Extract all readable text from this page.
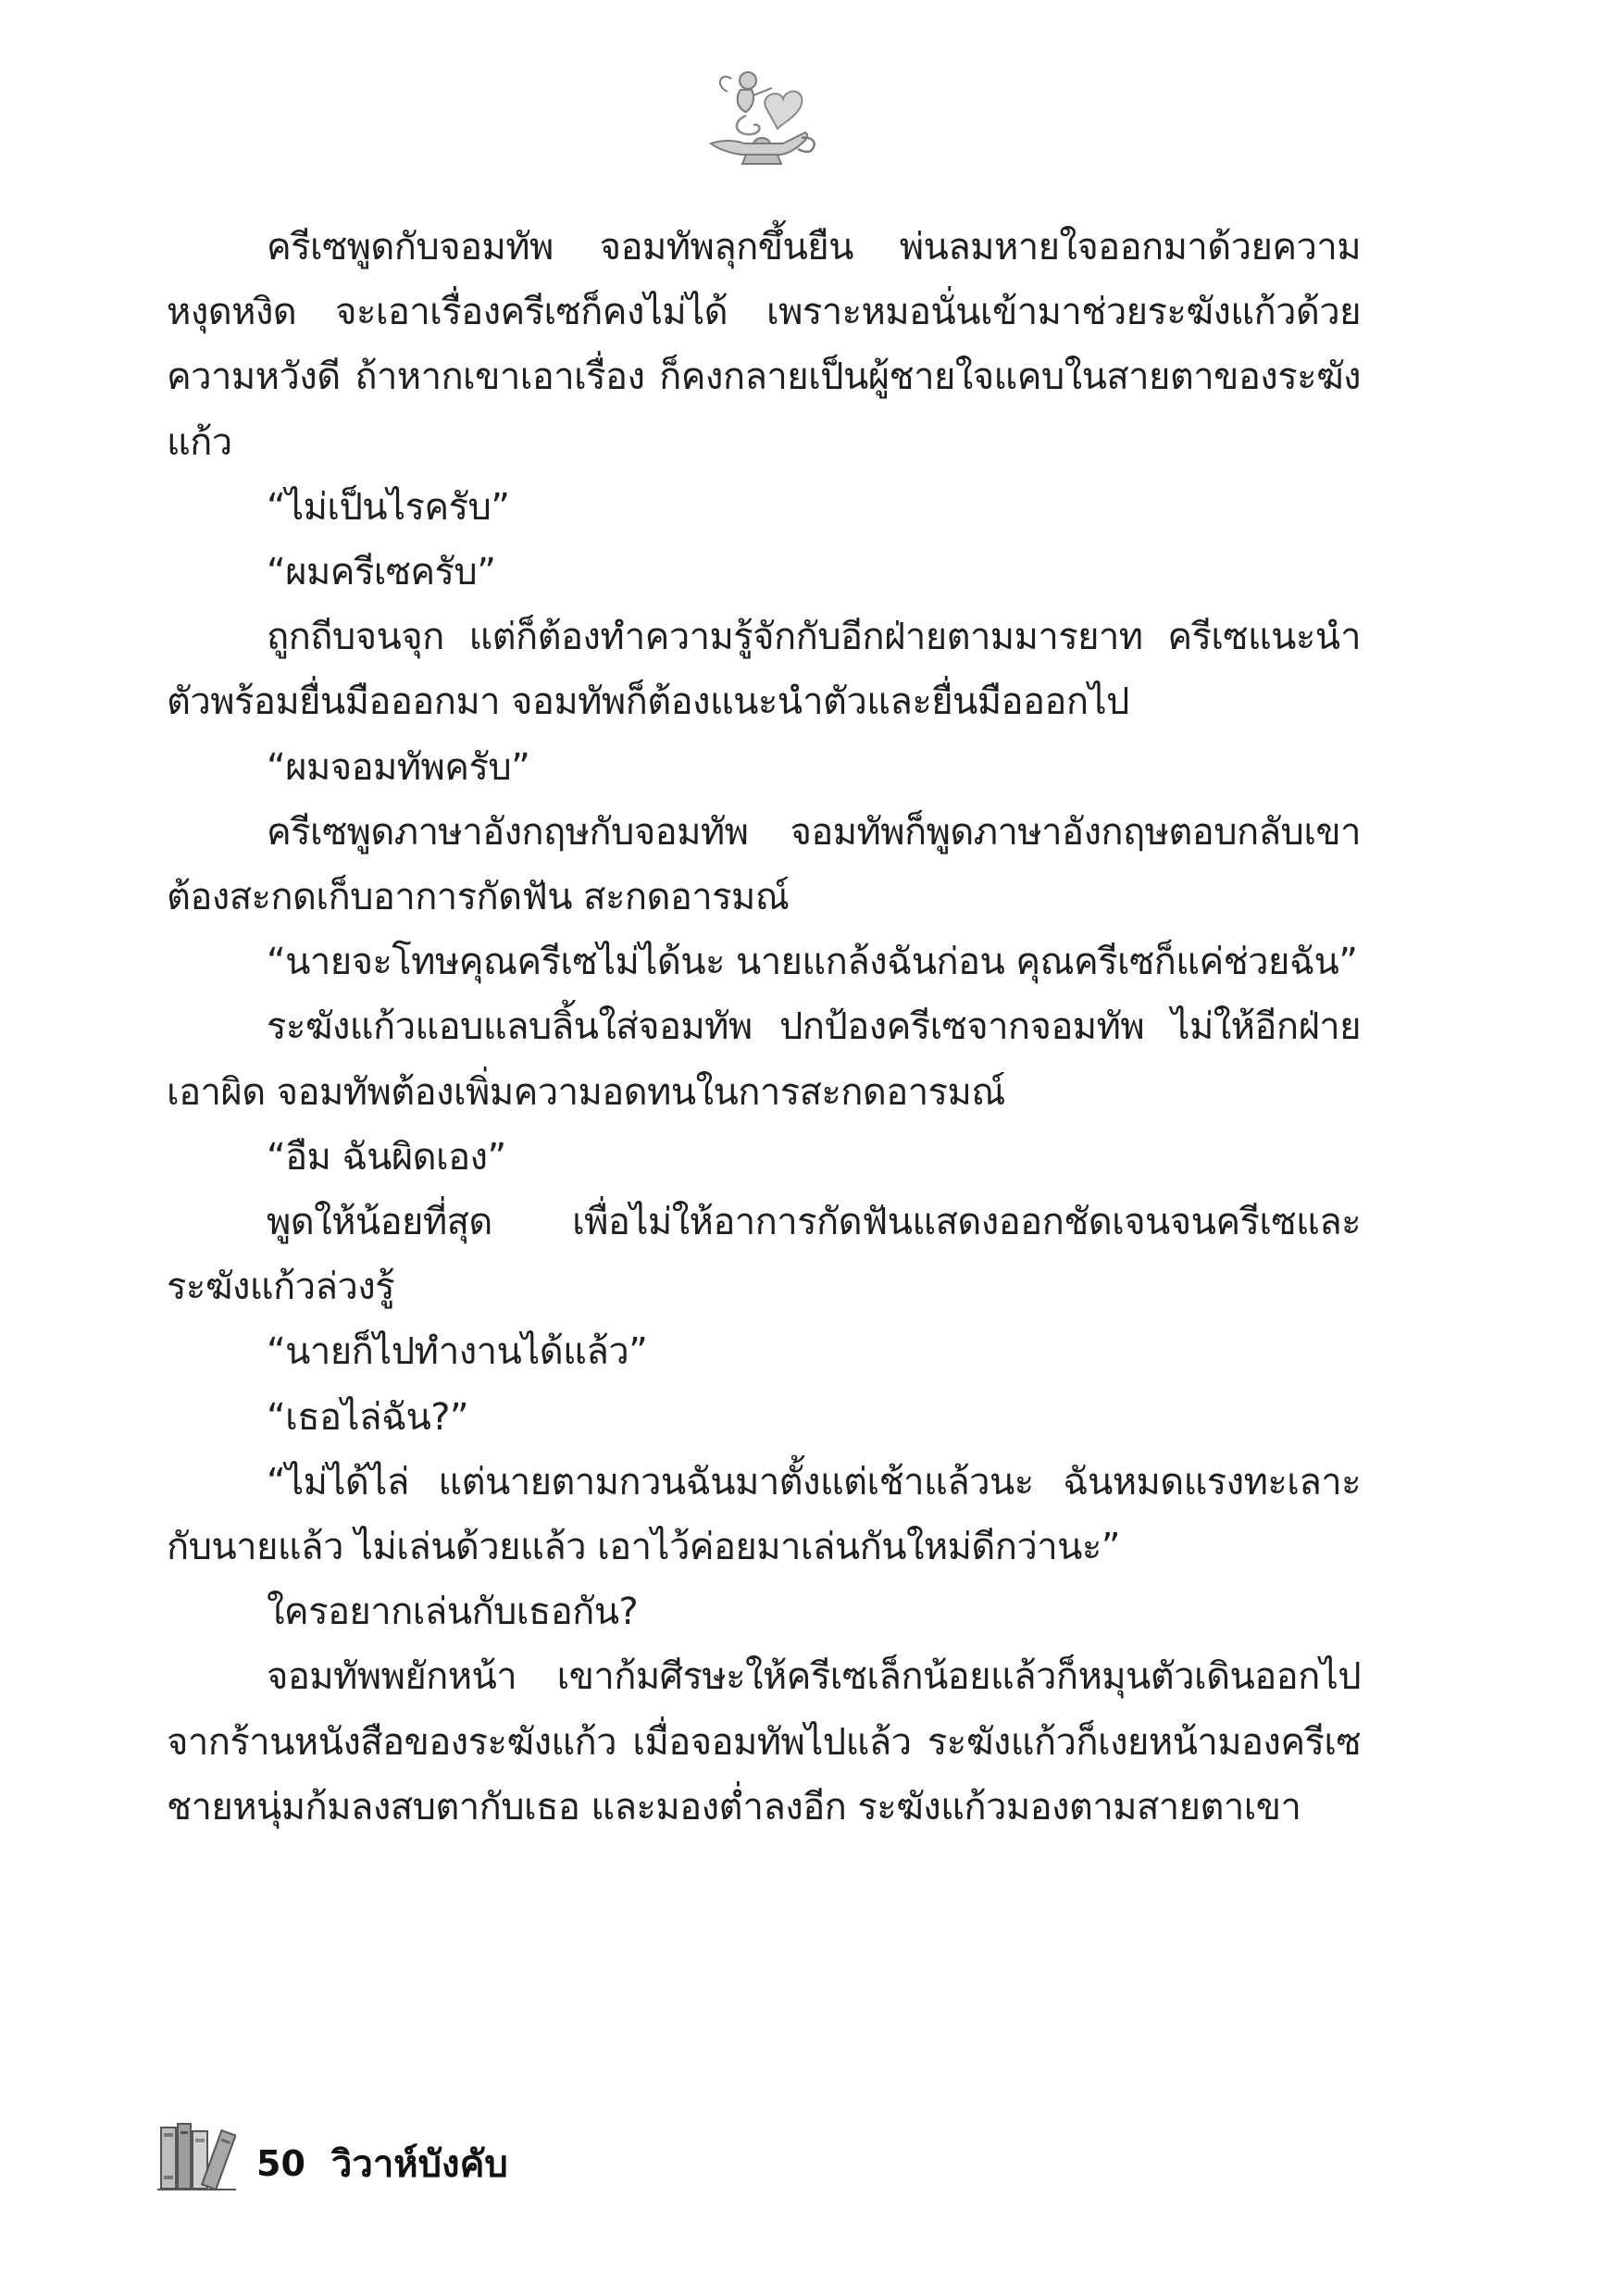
ครีเซพูดกับจอมทัพ จอมทัพลุกขึ้นยืน พ่นลมหายใจออกมาด้วยความหงุดหงิด จะเอาเรื่องครีเซก็คงไม่ได้ เพราะหมอนั่นเข้ามาช่วยระฆังแก้วด้วยความหวังดี ถ้าหากเขาเอาเรื่อง ก็คงกลายเป็นผู้ชายใจแคบในสายตาของระฆังแก้ว

“ไม่เป็นไรครับ”

“ผมครีเซครับ”

ถูกถีบจนจุก แต่ก็ต้องทำความรู้จักกับอีกฝ่ายตามมารยาท ครีเซแนะนำตัวพร้อมยื่นมือออกมา จอมทัพก็ต้องแนะนำตัวและยื่นมือออกไป

“ผมจอมทัพครับ”

ครีเซพูดภาษาอังกฤษกับจอมทัพ จอมทัพก็พูดภาษาอังกฤษตอบกลับเขาต้องสะกดเก็บอาการกัดฟัน สะกดอารมณ์

“นายจะโทษคุณครีเซไม่ได้นะ นายแกล้งฉันก่อน คุณครีเซก็แค่ช่วยฉัน”

ระฆังแก้วแอบแลบลิ้นใส่จอมทัพ ปกป้องครีเซจากจอมทัพ ไม่ให้อีกฝ่ายเอาผิด จอมทัพต้องเพิ่มความอดทนในการสะกดอารมณ์

“อืม ฉันผิดเอง”

พูดให้น้อยที่สุด เพื่อไม่ให้อาการกัดฟันแสดงออกชัดเจนจนครีเซและระฆังแก้วล่วงรู้

“นายก็ไปทำงานได้แล้ว”

“เธอไล่ฉัน?”

“ไม่ได้ไล่ แต่นายตามกวนฉันมาตั้งแต่เช้าแล้วนะ ฉันหมดแรงทะเลาะกับนายแล้ว ไม่เล่นด้วยแล้ว เอาไว้ค่อยมาเล่นกันใหม่ดีกว่านะ”

ใครอยากเล่นกับเธอกัน?

จอมทัพพยักหน้า เขาก้มศีรษะให้ครีเซเล็กน้อยแล้วก็หมุนตัวเดินออกไปจากร้านหนังสือของระฆังแก้ว เมื่อจอมทัพไปแล้ว ระฆังแก้วก็เงยหน้ามองครีเซ ชายหนุ่มก้มลงสบตากับเธอ และมองต่ำลงอีก ระฆังแก้วมองตามสายตาเขา

50 วิวาห์บังคับ
